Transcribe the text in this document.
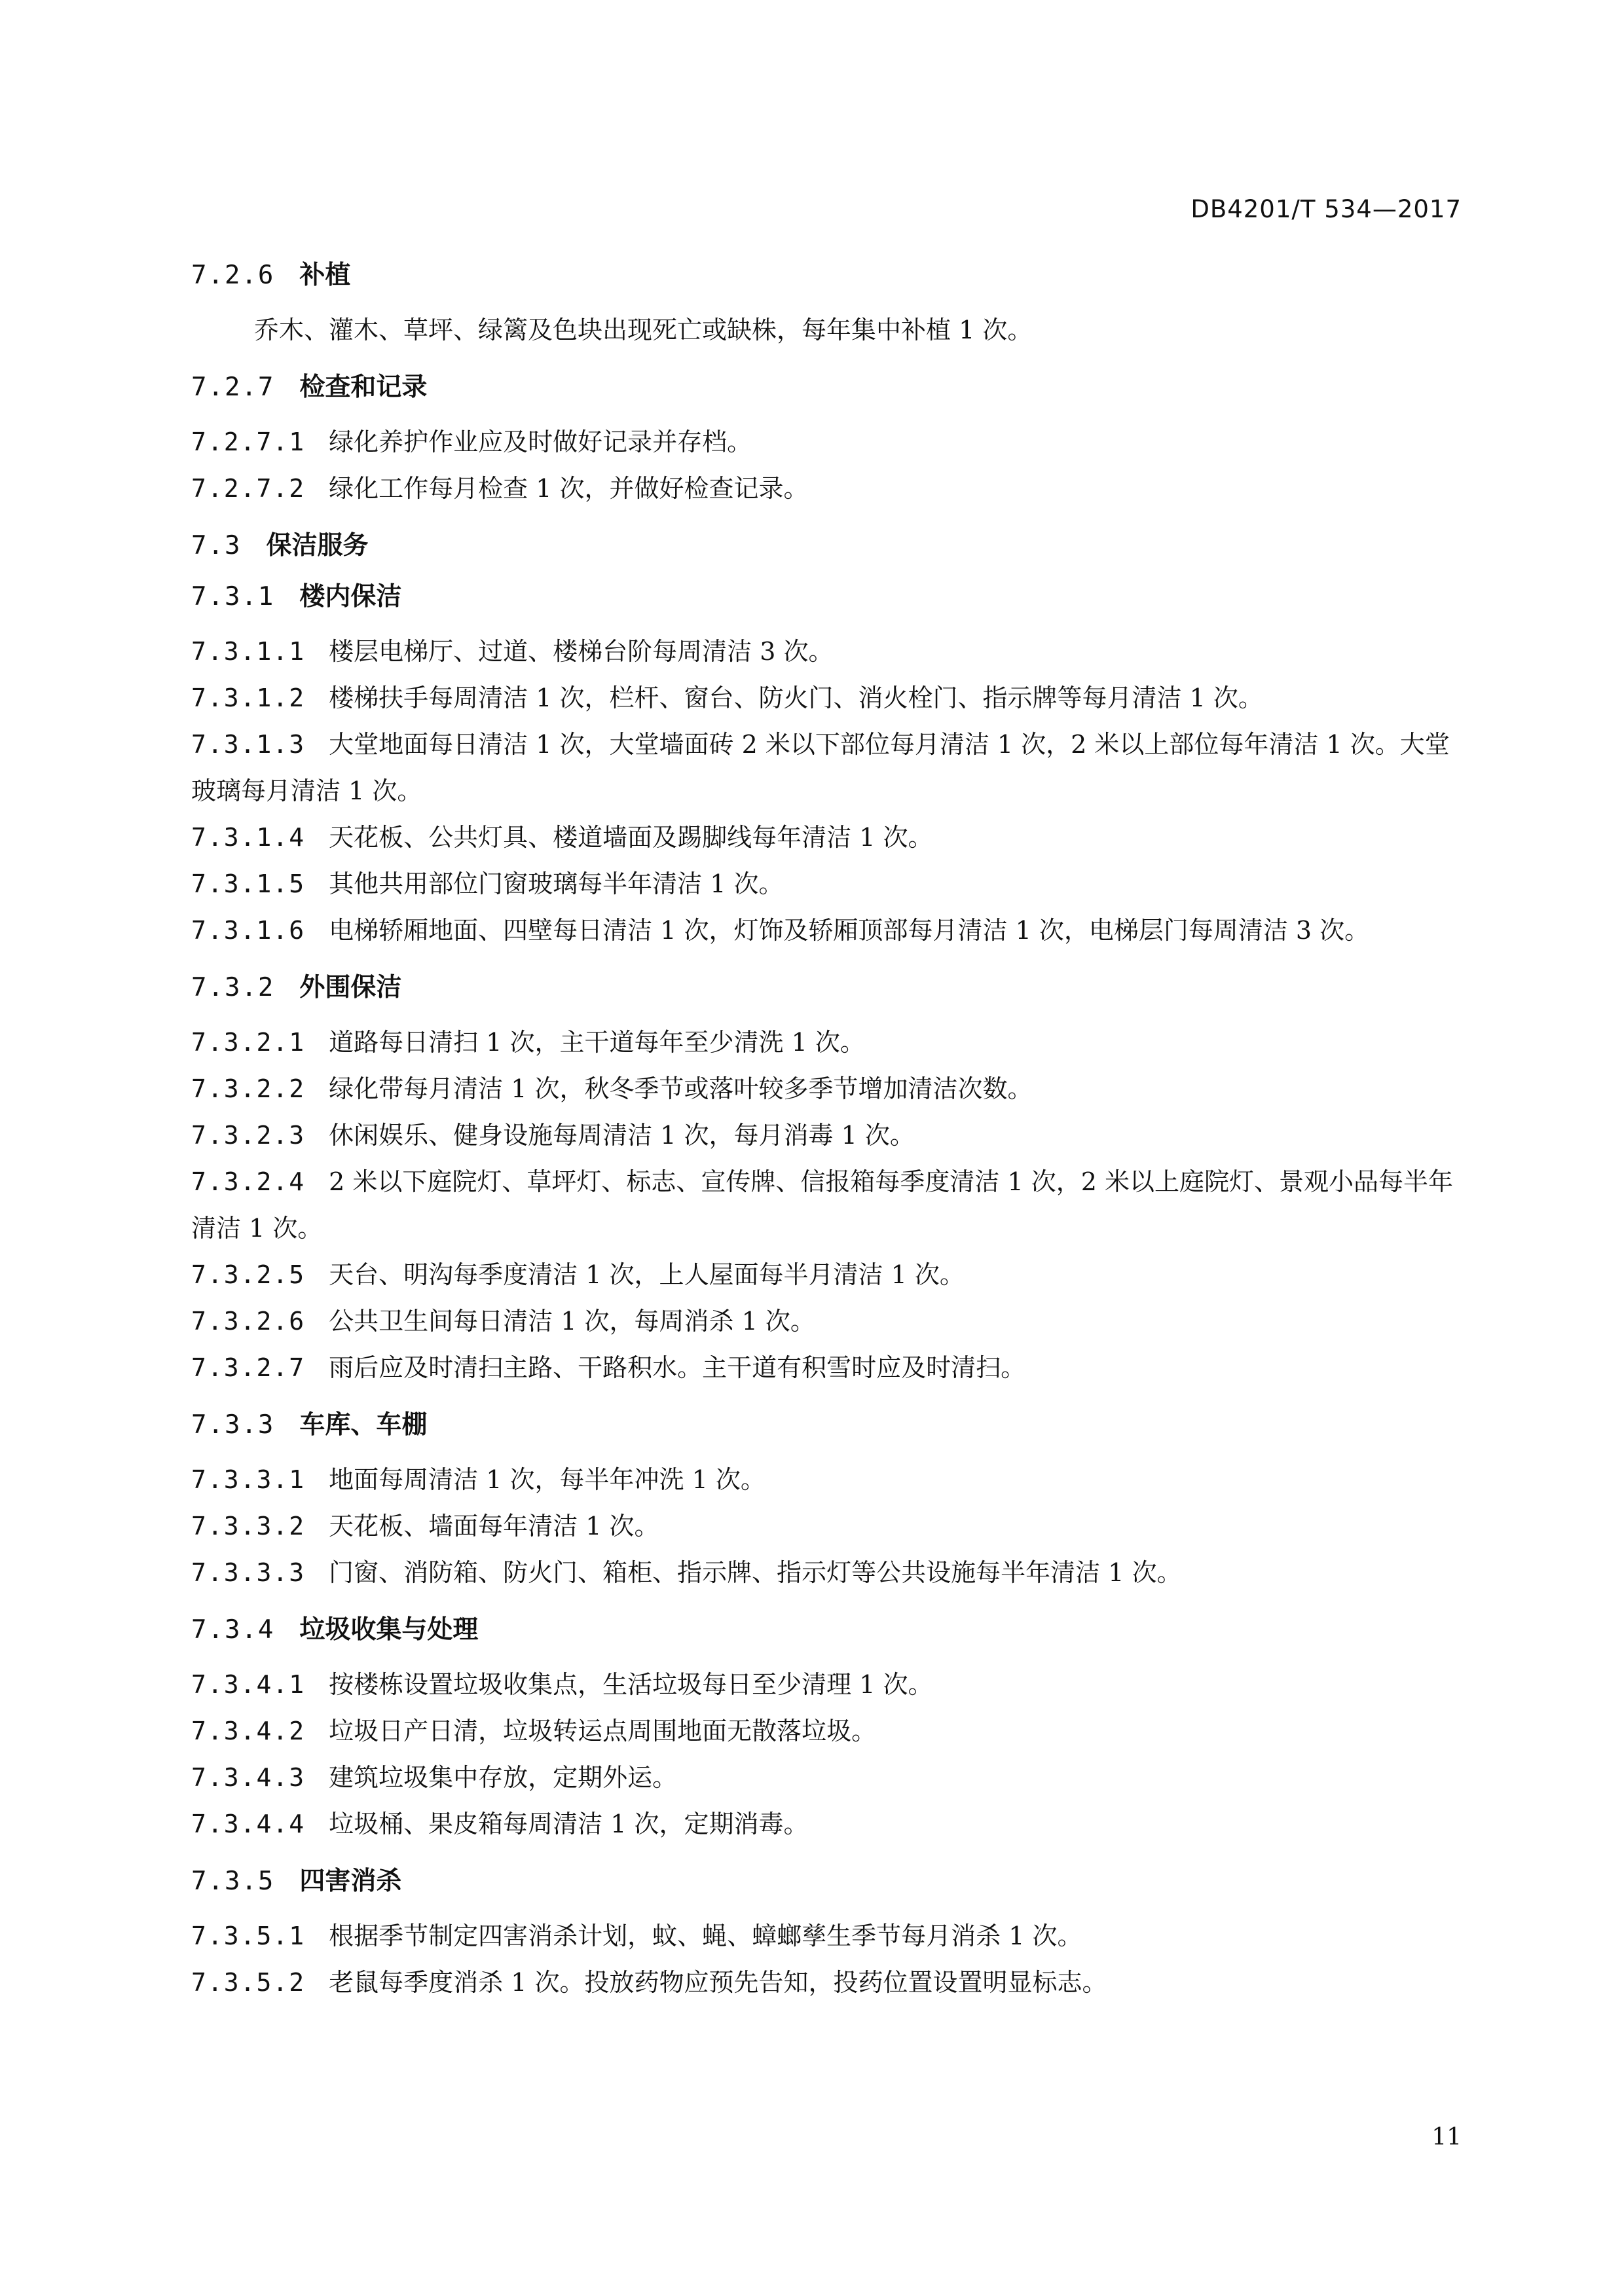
DB4201/T 534—2017
7.2.6 补植

乔木、灌木、草坪、绿篱及色块出现死亡或缺株，每年集中补植 1 次。

7.2.7 检查和记录

7.2.7.1 绿化养护作业应及时做好记录并存档。

7.2.7.2 绿化工作每月检查 1 次，并做好检查记录。

7.3 保洁服务
7.3.1 楼内保洁

7.3.1.1 楼层电梯厅、过道、楼梯台阶每周清洁 3 次。

7.3.1.2 楼梯扶手每周清洁 1 次，栏杆、窗台、防火门、消火栓门、指示牌等每月清洁 1 次。

7.3.1.3 大堂地面每日清洁 1 次，大堂墙面砖 2 米以下部位每月清洁 1 次，2 米以上部位每年清洁 1 次。大堂玻璃每月清洁 1 次。

7.3.1.4 天花板、公共灯具、楼道墙面及踢脚线每年清洁 1 次。

7.3.1.5 其他共用部位门窗玻璃每半年清洁 1 次。

7.3.1.6 电梯轿厢地面、四壁每日清洁 1 次，灯饰及轿厢顶部每月清洁 1 次，电梯层门每周清洁 3 次。

7.3.2 外围保洁

7.3.2.1 道路每日清扫 1 次，主干道每年至少清洗 1 次。

7.3.2.2 绿化带每月清洁 1 次，秋冬季节或落叶较多季节增加清洁次数。

7.3.2.3 休闲娱乐、健身设施每周清洁 1 次，每月消毒 1 次。

7.3.2.4 2 米以下庭院灯、草坪灯、标志、宣传牌、信报箱每季度清洁 1 次，2 米以上庭院灯、景观小品每半年清洁 1 次。

7.3.2.5 天台、明沟每季度清洁 1 次，上人屋面每半月清洁 1 次。

7.3.2.6 公共卫生间每日清洁 1 次，每周消杀 1 次。

7.3.2.7 雨后应及时清扫主路、干路积水。主干道有积雪时应及时清扫。

7.3.3 车库、车棚

7.3.3.1 地面每周清洁 1 次，每半年冲洗 1 次。

7.3.3.2 天花板、墙面每年清洁 1 次。

7.3.3.3 门窗、消防箱、防火门、箱柜、指示牌、指示灯等公共设施每半年清洁 1 次。

7.3.4 垃圾收集与处理

7.3.4.1 按楼栋设置垃圾收集点，生活垃圾每日至少清理 1 次。

7.3.4.2 垃圾日产日清，垃圾转运点周围地面无散落垃圾。

7.3.4.3 建筑垃圾集中存放，定期外运。

7.3.4.4 垃圾桶、果皮箱每周清洁 1 次，定期消毒。

7.3.5 四害消杀

7.3.5.1 根据季节制定四害消杀计划，蚊、蝇、蟑螂孳生季节每月消杀 1 次。

7.3.5.2 老鼠每季度消杀 1 次。投放药物应预先告知，投药位置设置明显标志。

11
